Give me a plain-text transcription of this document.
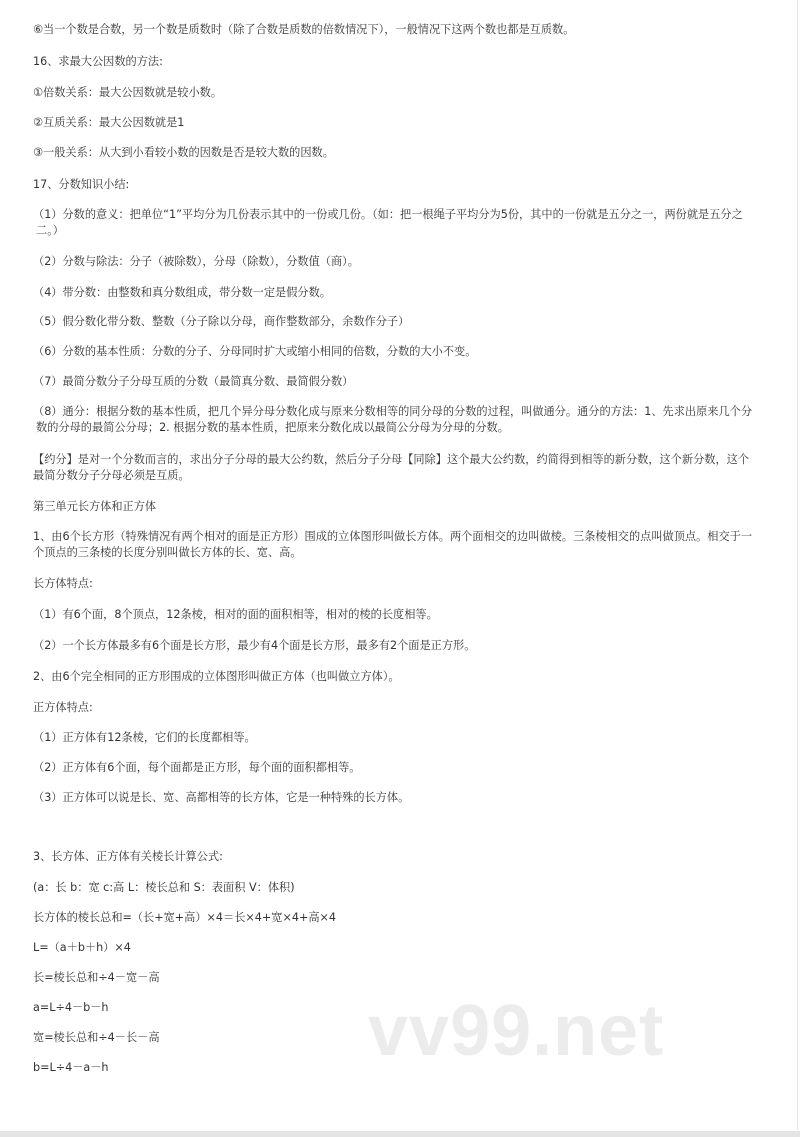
⑥当一个数是合数，另一个数是质数时（除了合数是质数的倍数情况下），一般情况下这两个数也都是互质数。
16、求最大公因数的方法:
①倍数关系：最大公因数就是较小数。
②互质关系：最大公因数就是1
③一般关系：从大到小看较小数的因数是否是较大数的因数。
17、分数知识小结:
（1）分数的意义：把单位“1”平均分为几份表示其中的一份或几份。（如：把一根绳子平均分为5份，其中的一份就是五分之一，两份就是五分之二。）
（2）分数与除法：分子（被除数），分母（除数），分数值（商）。
（4）带分数：由整数和真分数组成，带分数一定是假分数。
（5）假分数化带分数、整数（分子除以分母，商作整数部分，余数作分子）
（6）分数的基本性质：分数的分子、分母同时扩大或缩小相同的倍数，分数的大小不变。
（7）最简分数分子分母互质的分数（最简真分数、最简假分数）
（8）通分：根据分数的基本性质，把几个异分母分数化成与原来分数相等的同分母的分数的过程，叫做通分。通分的方法：1、先求出原来几个分数的分母的最简公分母；2. 根据分数的基本性质，把原来分数化成以最简公分母为分母的分数。
【约分】是对一个分数而言的，求出分子分母的最大公约数，然后分子分母【同除】这个最大公约数，约简得到相等的新分数，这个新分数，这个最简分数分子分母必须是互质。
第三单元长方体和正方体
1、由6个长方形（特殊情况有两个相对的面是正方形）围成的立体图形叫做长方体。两个面相交的边叫做棱。三条棱相交的点叫做顶点。相交于一个顶点的三条棱的长度分别叫做长方体的长、宽、高。
长方体特点:
（1）有6个面，8个顶点，12条棱，相对的面的面积相等，相对的棱的长度相等。
（2）一个长方体最多有6个面是长方形，最少有4个面是长方形，最多有2个面是正方形。
2、由6个完全相同的正方形围成的立体图形叫做正方体（也叫做立方体）。
正方体特点:
（1）正方体有12条棱，它们的长度都相等。
（2）正方体有6个面，每个面都是正方形，每个面的面积都相等。
（3）正方体可以说是长、宽、高都相等的长方体，它是一种特殊的长方体。
3、长方体、正方体有关棱长计算公式:
(a：长 b：宽 c:高 L：棱长总和 S：表面积 V：体积)
长方体的棱长总和=（长+宽+高）×4＝长×4+宽×4+高×4
L=（a＋b＋h）×4
长=棱长总和÷4－宽－高
a=L÷4－b－h
宽=棱长总和÷4－长－高
b=L÷4－a－h	vv99.net
